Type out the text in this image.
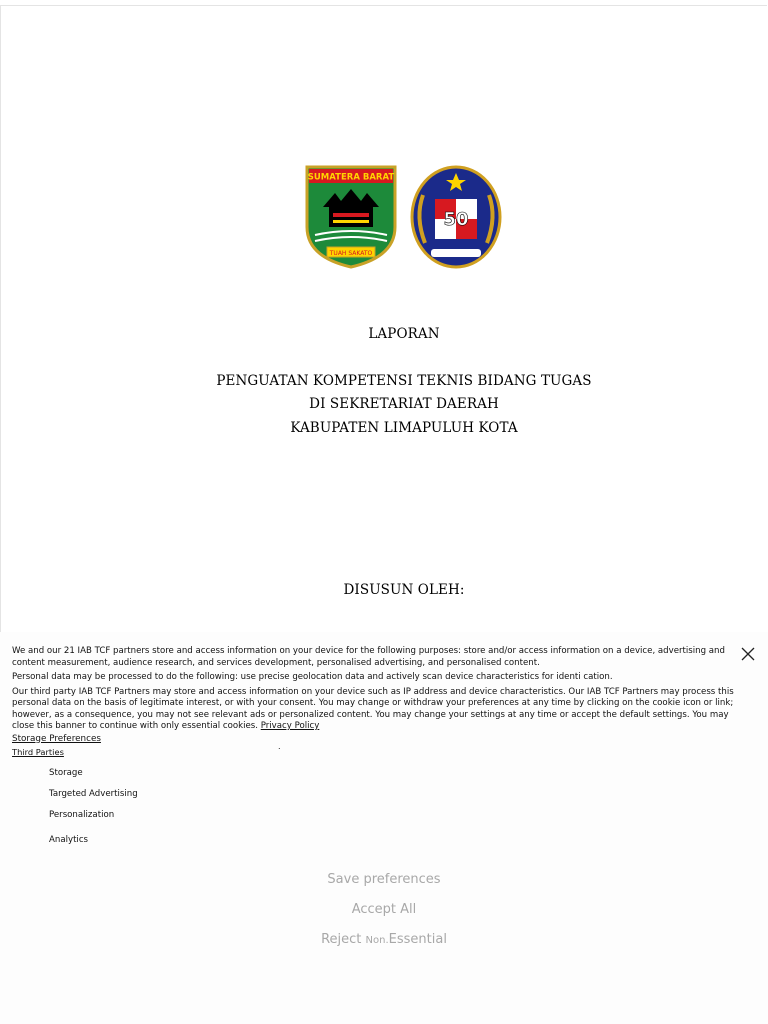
SUMATERA BARAT
TUAH SAKATO
50
LAPORAN
PENGUATAN KOMPETENSI TEKNIS BIDANG TUGAS
DI SEKRETARIAT DAERAH
KABUPATEN LIMAPULUH KOTA
DISUSUN OLEH:

We and our 21 IAB TCF partners store and access information on your device for the following purposes: store and/or access information on a device, advertising and content measurement, audience research, and services development, personalised advertising, and personalised content.

Personal data may be processed to do the following: use precise geolocation data and actively scan device characteristics for identi cation.

Our third party IAB TCF Partners may store and access information on your device such as IP address and device characteristics. Our IAB TCF Partners may process this personal data on the basis of legitimate interest, or with your consent. You may change or withdraw your preferences at any time by clicking on the cookie icon or link; however, as a consequence, you may not see relevant ads or personalized content. You may change your settings at any time or accept the default settings. You may close this banner to continue with only essential cookies. Privacy Policy

Storage Preferences
Third Parties
.
Storage
Targeted Advertising
Personalization
Analytics
Save preferences
Accept All
Reject Non.Essential
